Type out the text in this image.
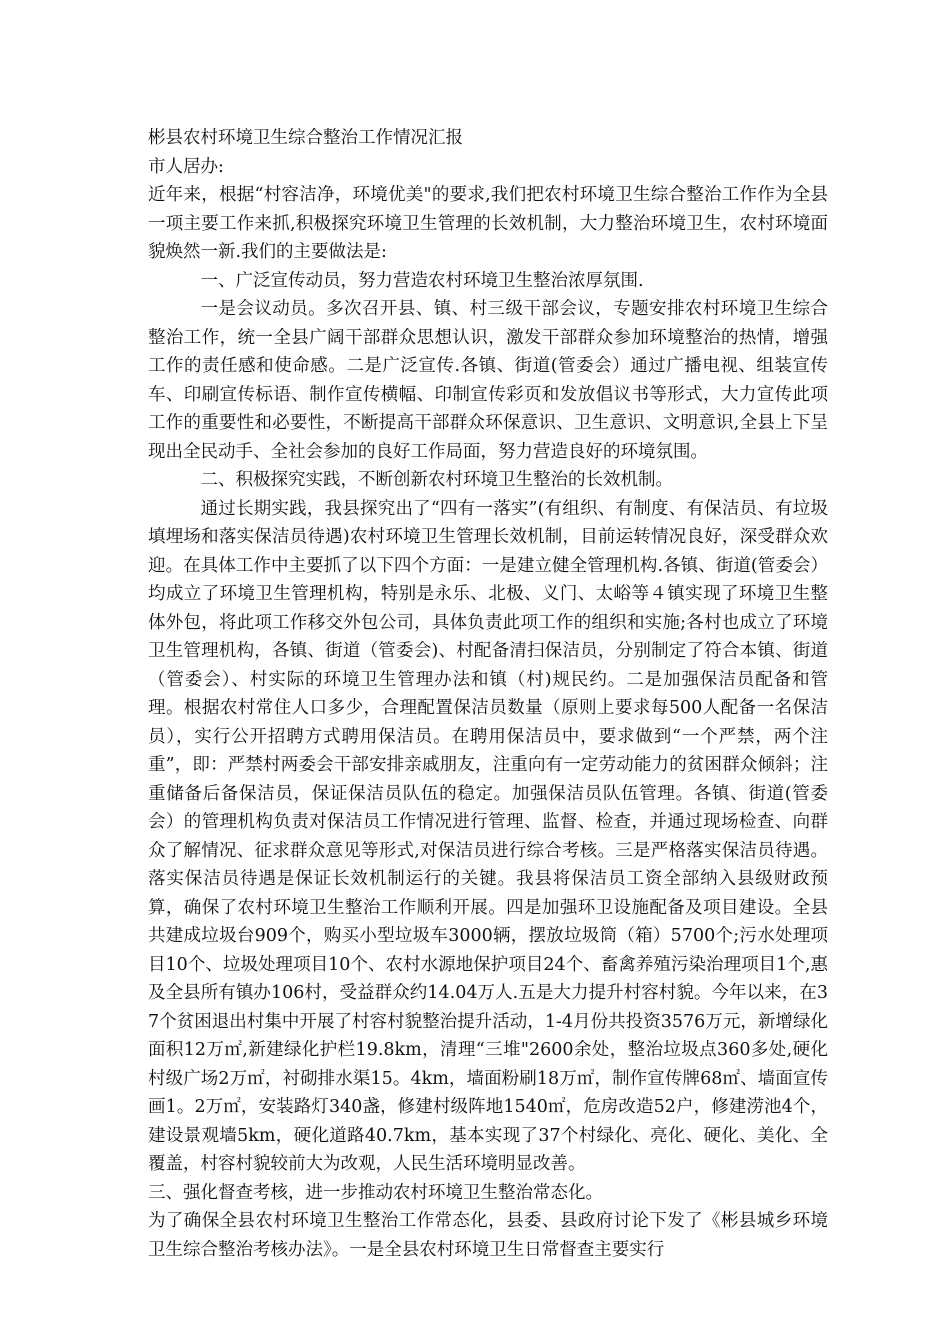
彬县农村环境卫生综合整治工作情况汇报

市人居办:

近年来，根据“村容洁净，环境优美"的要求,我们把农村环境卫生综合整治工作作为全县一项主要工作来抓,积极探究环境卫生管理的长效机制，大力整治环境卫生，农村环境面貌焕然一新.我们的主要做法是:

一、广泛宣传动员，努力营造农村环境卫生整治浓厚氛围.

一是会议动员。多次召开县、镇、村三级干部会议，专题安排农村环境卫生综合整治工作，统一全县广阔干部群众思想认识，激发干部群众参加环境整治的热情，增强工作的责任感和使命感。二是广泛宣传.各镇、街道(管委会）通过广播电视、组装宣传车、印刷宣传标语、制作宣传横幅、印制宣传彩页和发放倡议书等形式，大力宣传此项工作的重要性和必要性，不断提高干部群众环保意识、卫生意识、文明意识,全县上下呈现出全民动手、全社会参加的良好工作局面，努力营造良好的环境氛围。

二、积极探究实践，不断创新农村环境卫生整治的长效机制。

通过长期实践，我县探究出了“四有一落实”(有组织、有制度、有保洁员、有垃圾填埋场和落实保洁员待遇)农村环境卫生管理长效机制，目前运转情况良好，深受群众欢迎。在具体工作中主要抓了以下四个方面：一是建立健全管理机构.各镇、街道(管委会）均成立了环境卫生管理机构，特别是永乐、北极、义门、太峪等４镇实现了环境卫生整体外包，将此项工作移交外包公司，具体负责此项工作的组织和实施;各村也成立了环境卫生管理机构，各镇、街道（管委会)、村配备清扫保洁员，分别制定了符合本镇、街道（管委会）、村实际的环境卫生管理办法和镇（村)规民约。二是加强保洁员配备和管理。根据农村常住人口多少，合理配置保洁员数量（原则上要求每500人配备一名保洁员），实行公开招聘方式聘用保洁员。在聘用保洁员中，要求做到“一个严禁，两个注重”，即：严禁村两委会干部安排亲戚朋友，注重向有一定劳动能力的贫困群众倾斜；注重储备后备保洁员，保证保洁员队伍的稳定。加强保洁员队伍管理。各镇、街道(管委会）的管理机构负责对保洁员工作情况进行管理、监督、检查，并通过现场检查、向群众了解情况、征求群众意见等形式,对保洁员进行综合考核。三是严格落实保洁员待遇。落实保洁员待遇是保证长效机制运行的关键。我县将保洁员工资全部纳入县级财政预算，确保了农村环境卫生整治工作顺利开展。四是加强环卫设施配备及项目建设。全县共建成垃圾台909个，购买小型垃圾车3000辆，摆放垃圾筒（箱）5700个;污水处理项目10个、垃圾处理项目10个、农村水源地保护项目24个、畜禽养殖污染治理项目1个,惠及全县所有镇办106村，受益群众约14.04万人.五是大力提升村容村貌。今年以来，在37个贫困退出村集中开展了村容村貌整治提升活动，1-4月份共投资3576万元，新增绿化面积12万㎡,新建绿化护栏19.8km，清理“三堆"2600余处，整治垃圾点360多处,硬化村级广场2万㎡，衬砌排水渠15。4km，墙面粉刷18万㎡，制作宣传牌68㎡、墙面宣传画1。2万㎡，安装路灯340盏，修建村级阵地1540㎡，危房改造52户，修建涝池4个，建设景观墙5km，硬化道路40.7km，基本实现了37个村绿化、亮化、硬化、美化、全覆盖，村容村貌较前大为改观，人民生活环境明显改善。

三、强化督查考核，进一步推动农村环境卫生整治常态化。

为了确保全县农村环境卫生整治工作常态化，县委、县政府讨论下发了《彬县城乡环境卫生综合整治考核办法》。一是全县农村环境卫生日常督查主要实行
